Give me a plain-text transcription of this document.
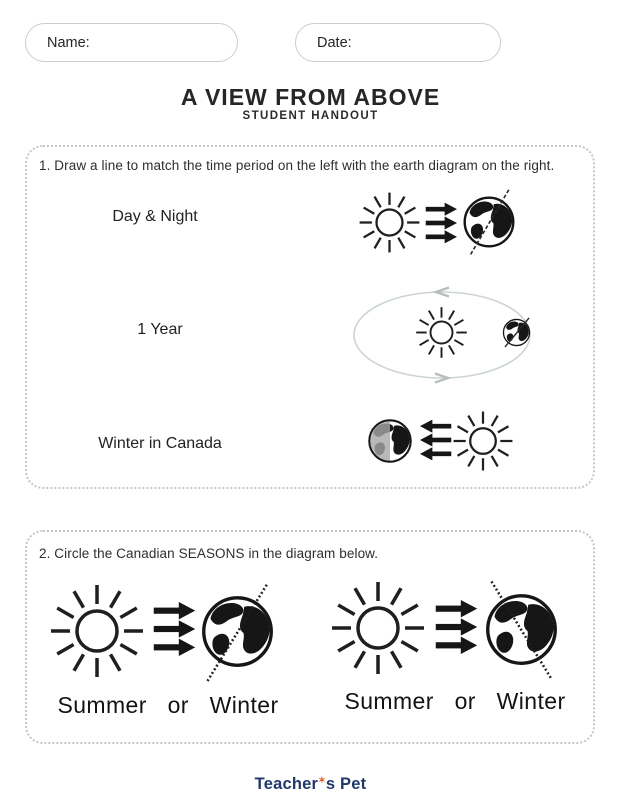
Name:	Date:
A VIEW FROM ABOVE
STUDENT HANDOUT
1. Draw a line to match the time period on the left with the earth diagram on the right.
Day & Night
1 Year
Winter in Canada
2. Circle the Canadian SEASONS in the diagram below.
Summer or Winter	Summer or Winter
Teacher✶s Pet
